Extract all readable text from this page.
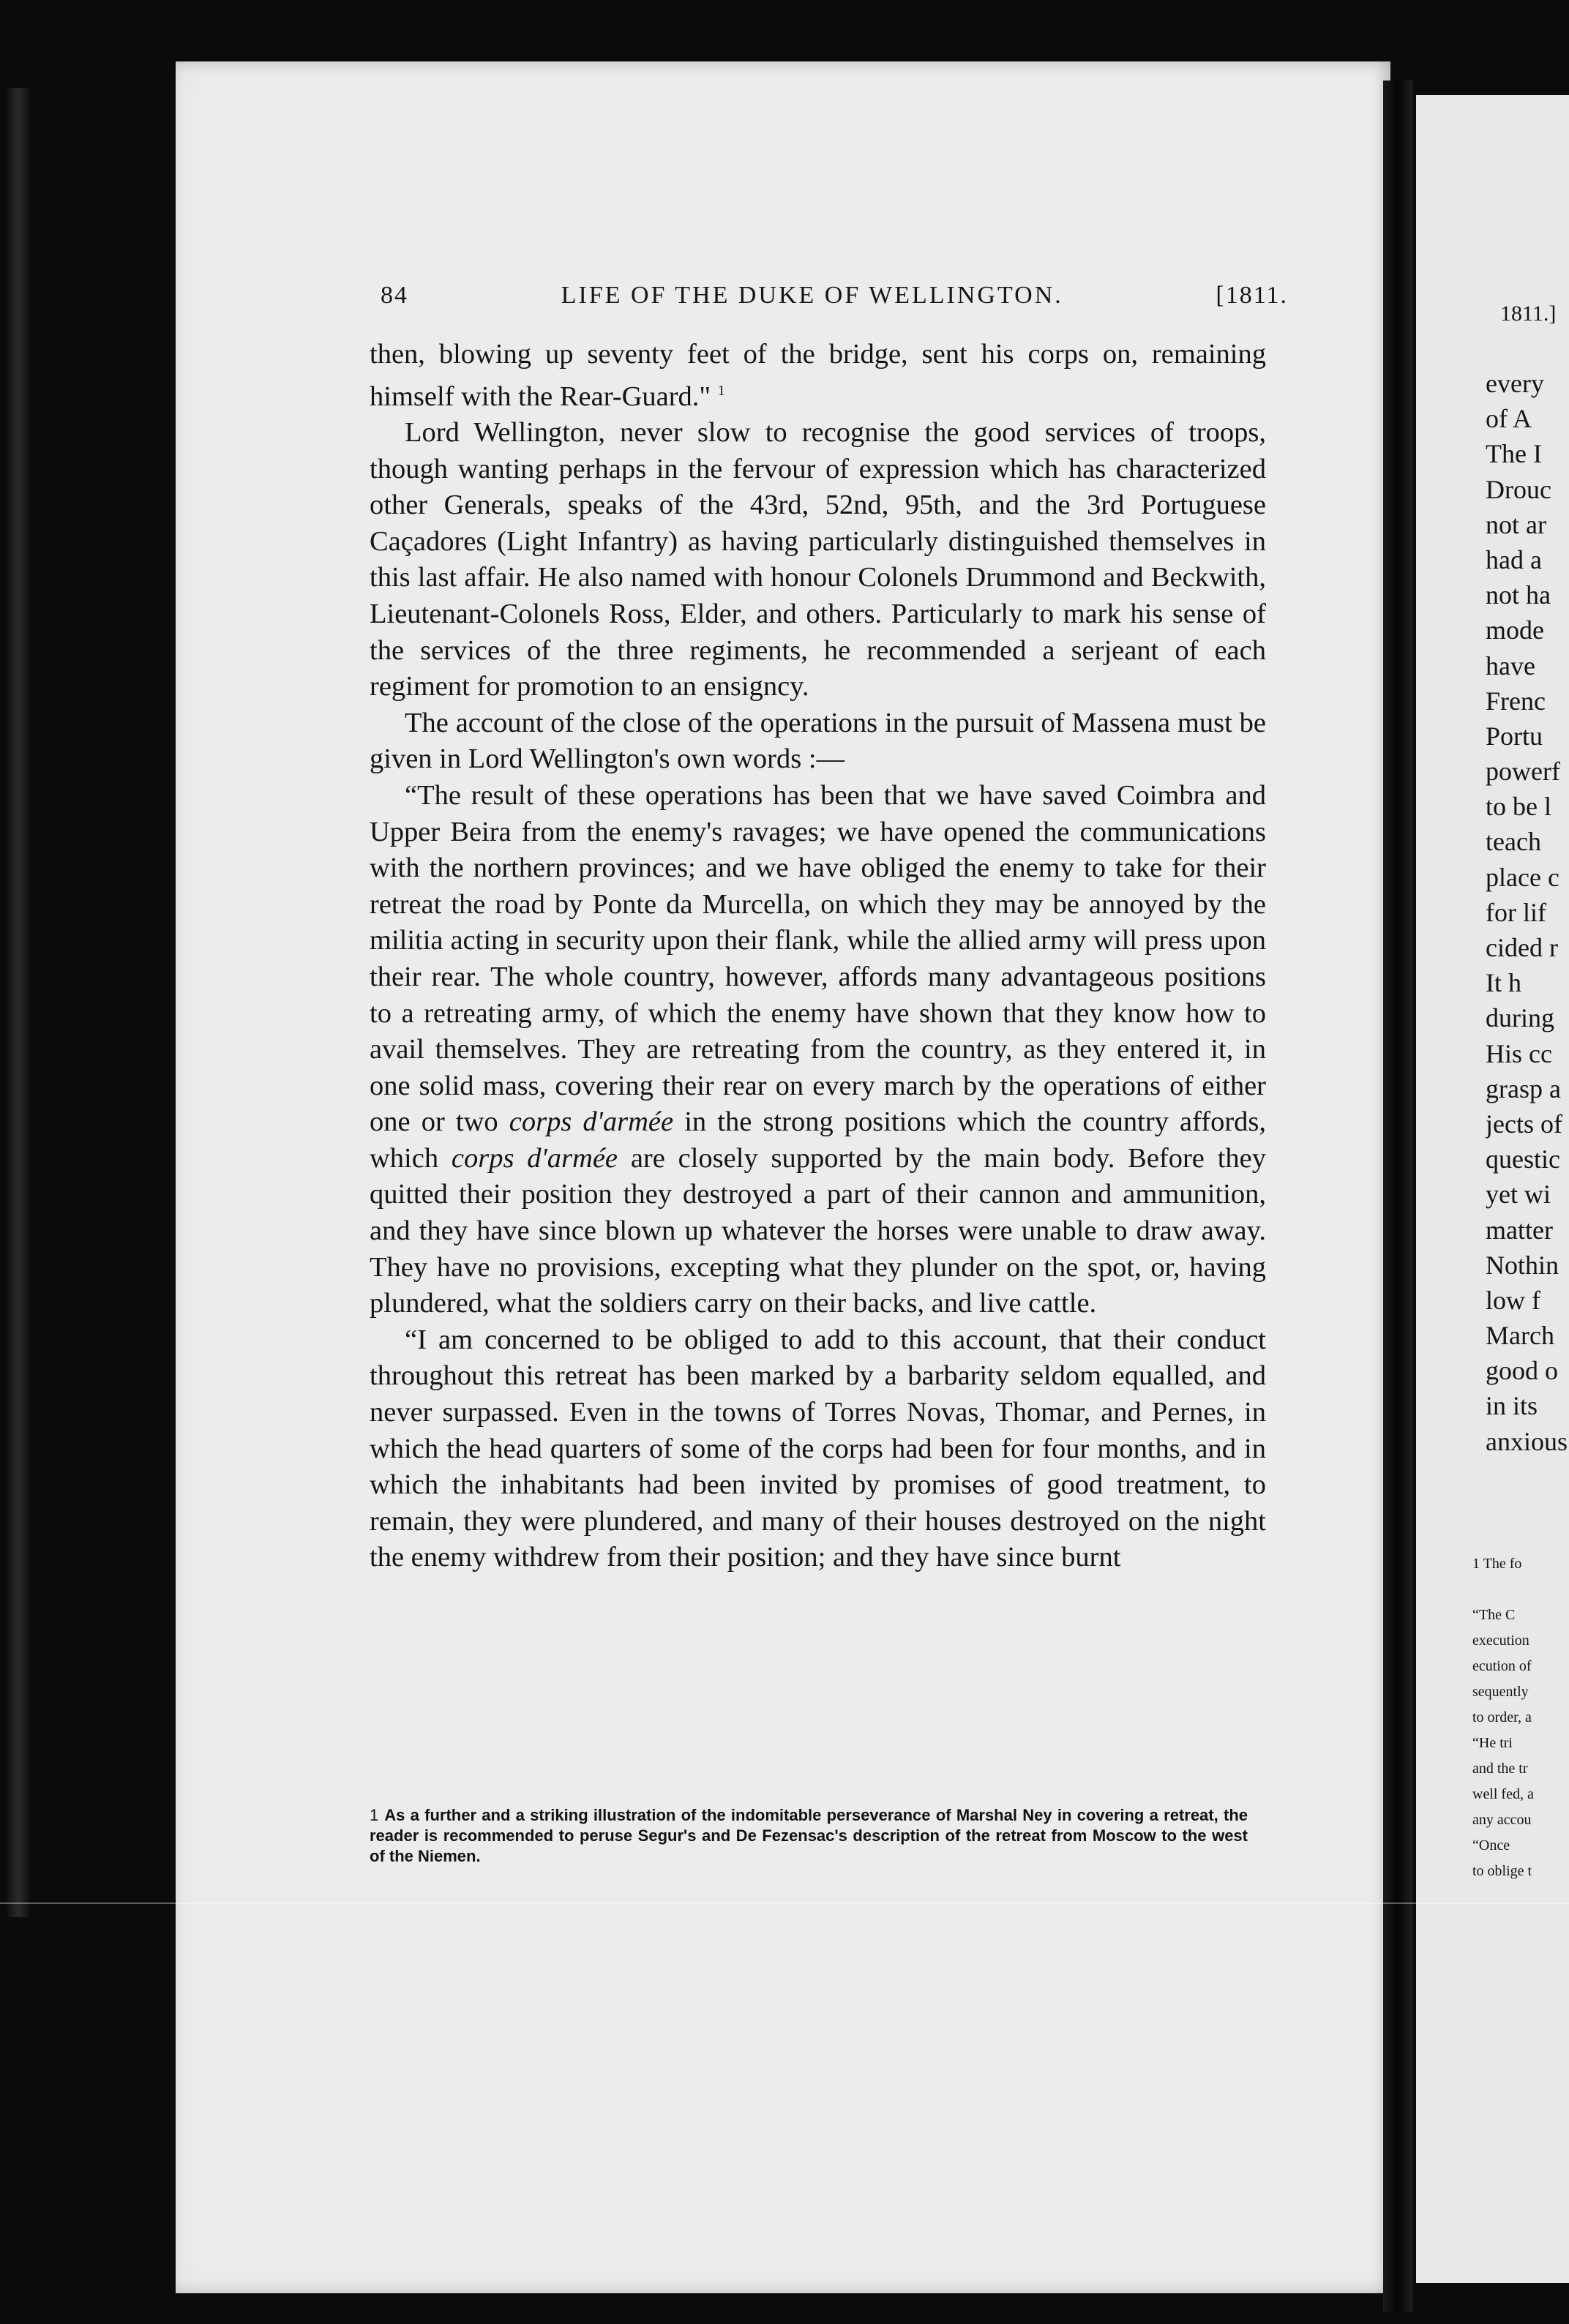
84	LIFE OF THE DUKE OF WELLINGTON.	[1811.

then, blowing up seventy feet of the bridge, sent his corps on, remaining himself with the Rear-Guard." $^1$

Lord Wellington, never slow to recognise the good services of troops, though wanting perhaps in the fervour of expression which has characterized other Generals, speaks of the 43rd, 52nd, 95th, and the 3rd Portuguese Caçadores (Light Infantry) as having particularly distinguished themselves in this last affair. He also named with honour Colonels Drummond and Beckwith, Lieutenant-Colonels Ross, Elder, and others. Particularly to mark his sense of the services of the three regiments, he recommended a serjeant of each regiment for promotion to an ensigncy.

The account of the close of the operations in the pursuit of Massena must be given in Lord Wellington's own words :—

“The result of these operations has been that we have saved Coimbra and Upper Beira from the enemy's ravages; we have opened the communications with the northern provinces; and we have obliged the enemy to take for their retreat the road by Ponte da Murcella, on which they may be annoyed by the militia acting in security upon their flank, while the allied army will press upon their rear. The whole country, however, affords many advantageous positions to a retreating army, of which the enemy have shown that they know how to avail themselves. They are retreating from the country, as they entered it, in one solid mass, covering their rear on every march by the operations of either one or two corps d'armée in the strong positions which the country affords, which corps d'armée are closely supported by the main body. Before they quitted their position they destroyed a part of their cannon and ammunition, and they have since blown up whatever the horses were unable to draw away. They have no provisions, excepting what they plunder on the spot, or, having plundered, what the soldiers carry on their backs, and live cattle.

“I am concerned to be obliged to add to this account, that their conduct throughout this retreat has been marked by a barbarity seldom equalled, and never surpassed. Even in the towns of Torres Novas, Thomar, and Pernes, in which the head quarters of some of the corps had been for four months, and in which the inhabitants had been invited by promises of good treatment, to remain, they were plundered, and many of their houses destroyed on the night the enemy withdrew from their position; and they have since burnt

1 As a further and a striking illustration of the indomitable perseverance of Marshal Ney in covering a retreat, the reader is recommended to peruse Segur's and De Fezensac's description of the retreat from Moscow to the west of the Niemen.
1811.]
every
of A
The I
Drouc
not ar
had a
not ha
mode
have
Frenc
Portu
powerf
to be l
teach
place c
for lif
cided r
It h
during
His cc
grasp a
jects of
questic
yet wi
matter
Nothin
low f
March
good o
in its
anxious
1 The fo
“The C
execution
ecution of
sequently
to order, a
“He tri
and the tr
well fed, a
any accou
“Once
to oblige t
